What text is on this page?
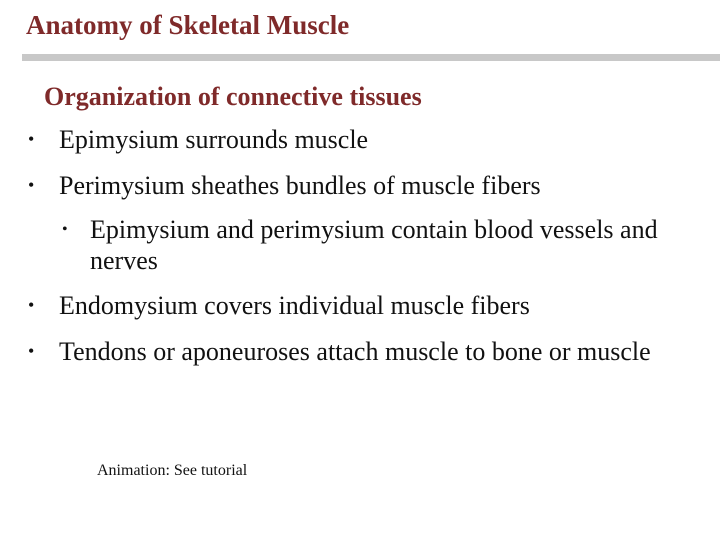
Anatomy of Skeletal Muscle
Organization of connective tissues
• Epimysium surrounds muscle
• Perimysium sheathes bundles of muscle fibers
• Epimysium and perimysium contain blood vessels and nerves
• Endomysium covers individual muscle fibers
• Tendons or aponeuroses attach muscle to bone or muscle
Animation: See tutorial
